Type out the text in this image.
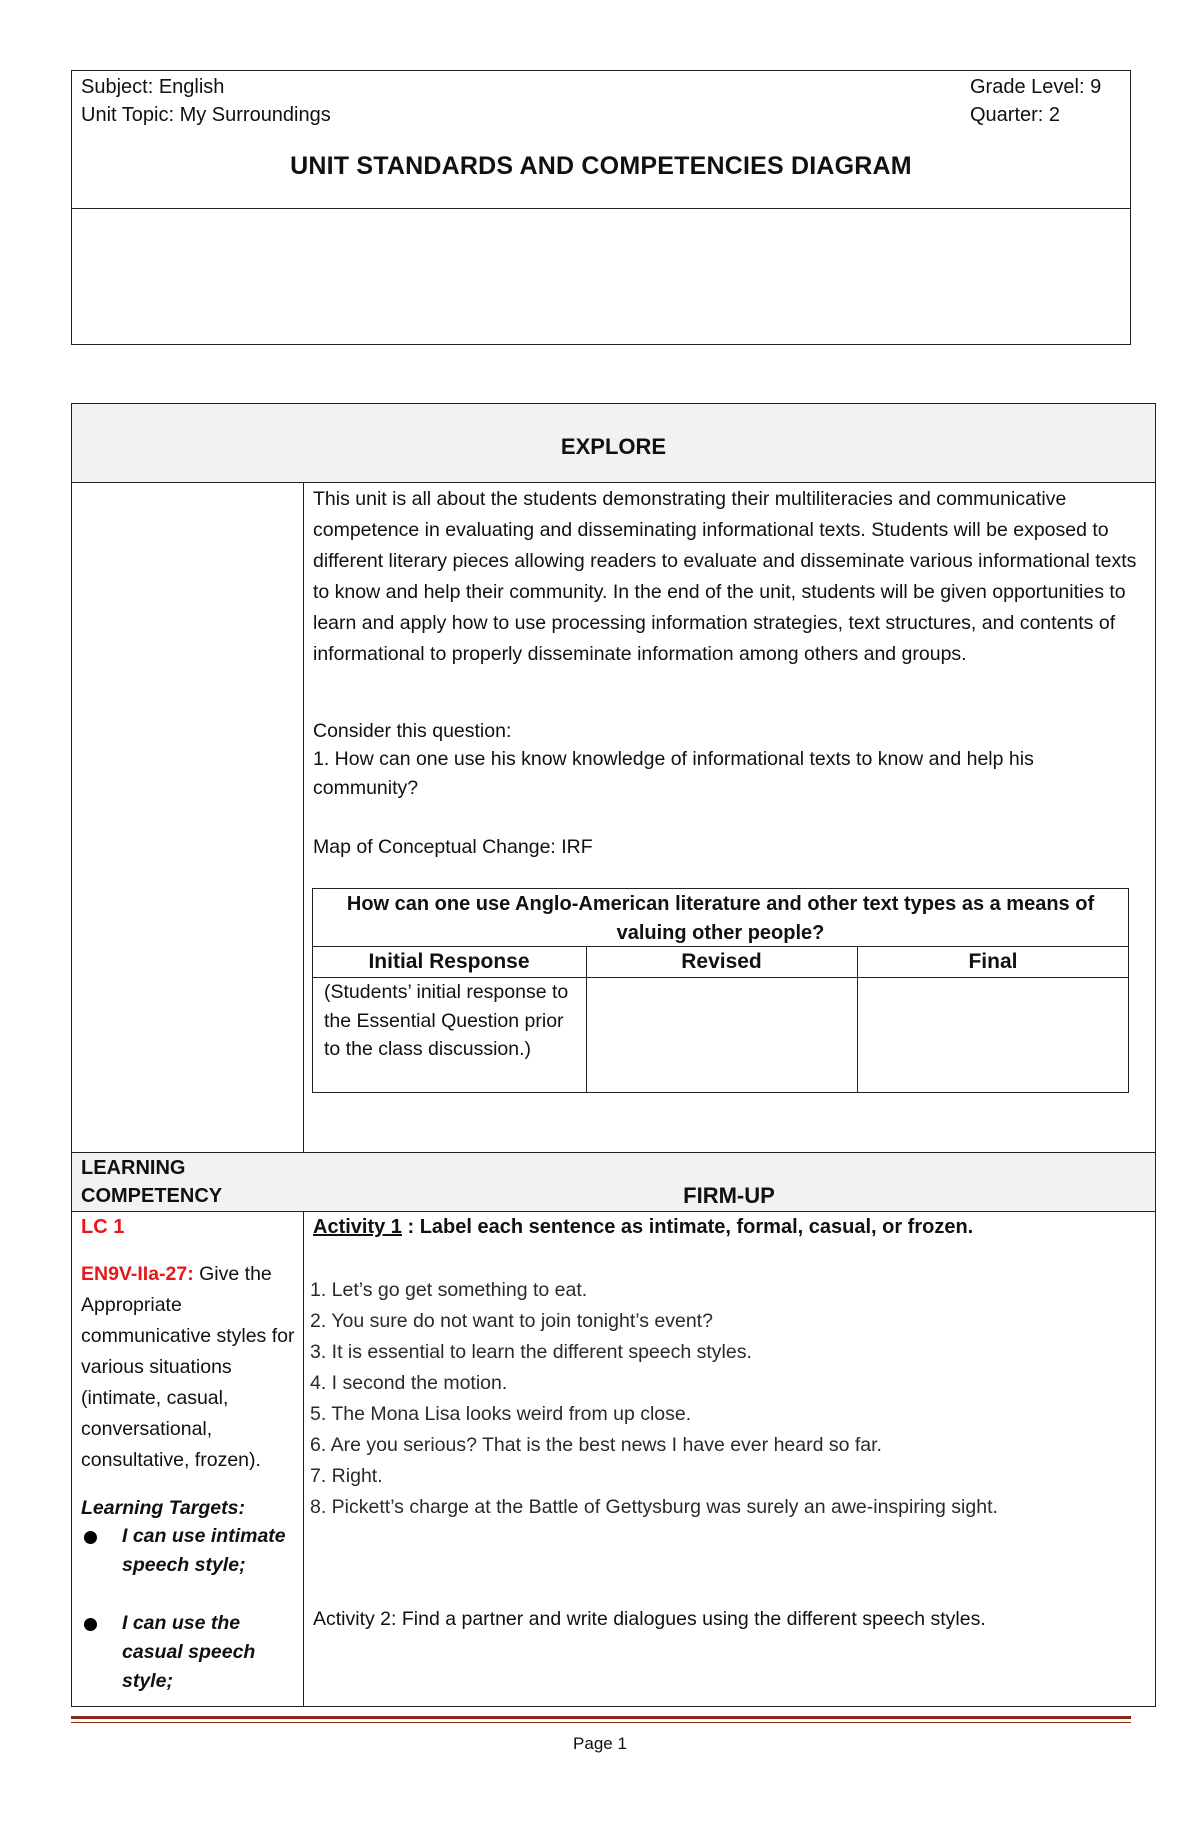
Subject: English
Unit Topic: My Surroundings
Grade Level: 9
Quarter: 2
UNIT STANDARDS AND COMPETENCIES DIAGRAM
EXPLORE
This unit is all about the students demonstrating their multiliteracies and communicative competence in evaluating and disseminating informational texts. Students will be exposed to different literary pieces allowing readers to evaluate and disseminate various informational texts to know and help their community. In the end of the unit, students will be given opportunities to learn and apply how to use processing information strategies, text structures, and contents of informational to properly disseminate information among others and groups.
Consider this question:
1. How can one use his know knowledge of informational texts to know and help his community?
Map of Conceptual Change: IRF
How can one use Anglo-American literature and other text types as a means of valuing other people?
Initial Response	Revised	Final
(Students’ initial response to the Essential Question prior to the class discussion.)
LEARNING COMPETENCY	FIRM-UP
LC 1
EN9V-IIa-27: Give the Appropriate communicative styles for various situations (intimate, casual, conversational, consultative, frozen).
Learning Targets:
I can use intimate speech style;
I can use the casual speech style;
Activity 1 : Label each sentence as intimate, formal, casual, or frozen.
1. Let’s go get something to eat.
2. You sure do not want to join tonight’s event?
3. It is essential to learn the different speech styles.
4. I second the motion.
5. The Mona Lisa looks weird from up close.
6. Are you serious? That is the best news I have ever heard so far.
7. Right.
8. Pickett’s charge at the Battle of Gettysburg was surely an awe-inspiring sight.
Activity 2: Find a partner and write dialogues using the different speech styles.
Page 1
